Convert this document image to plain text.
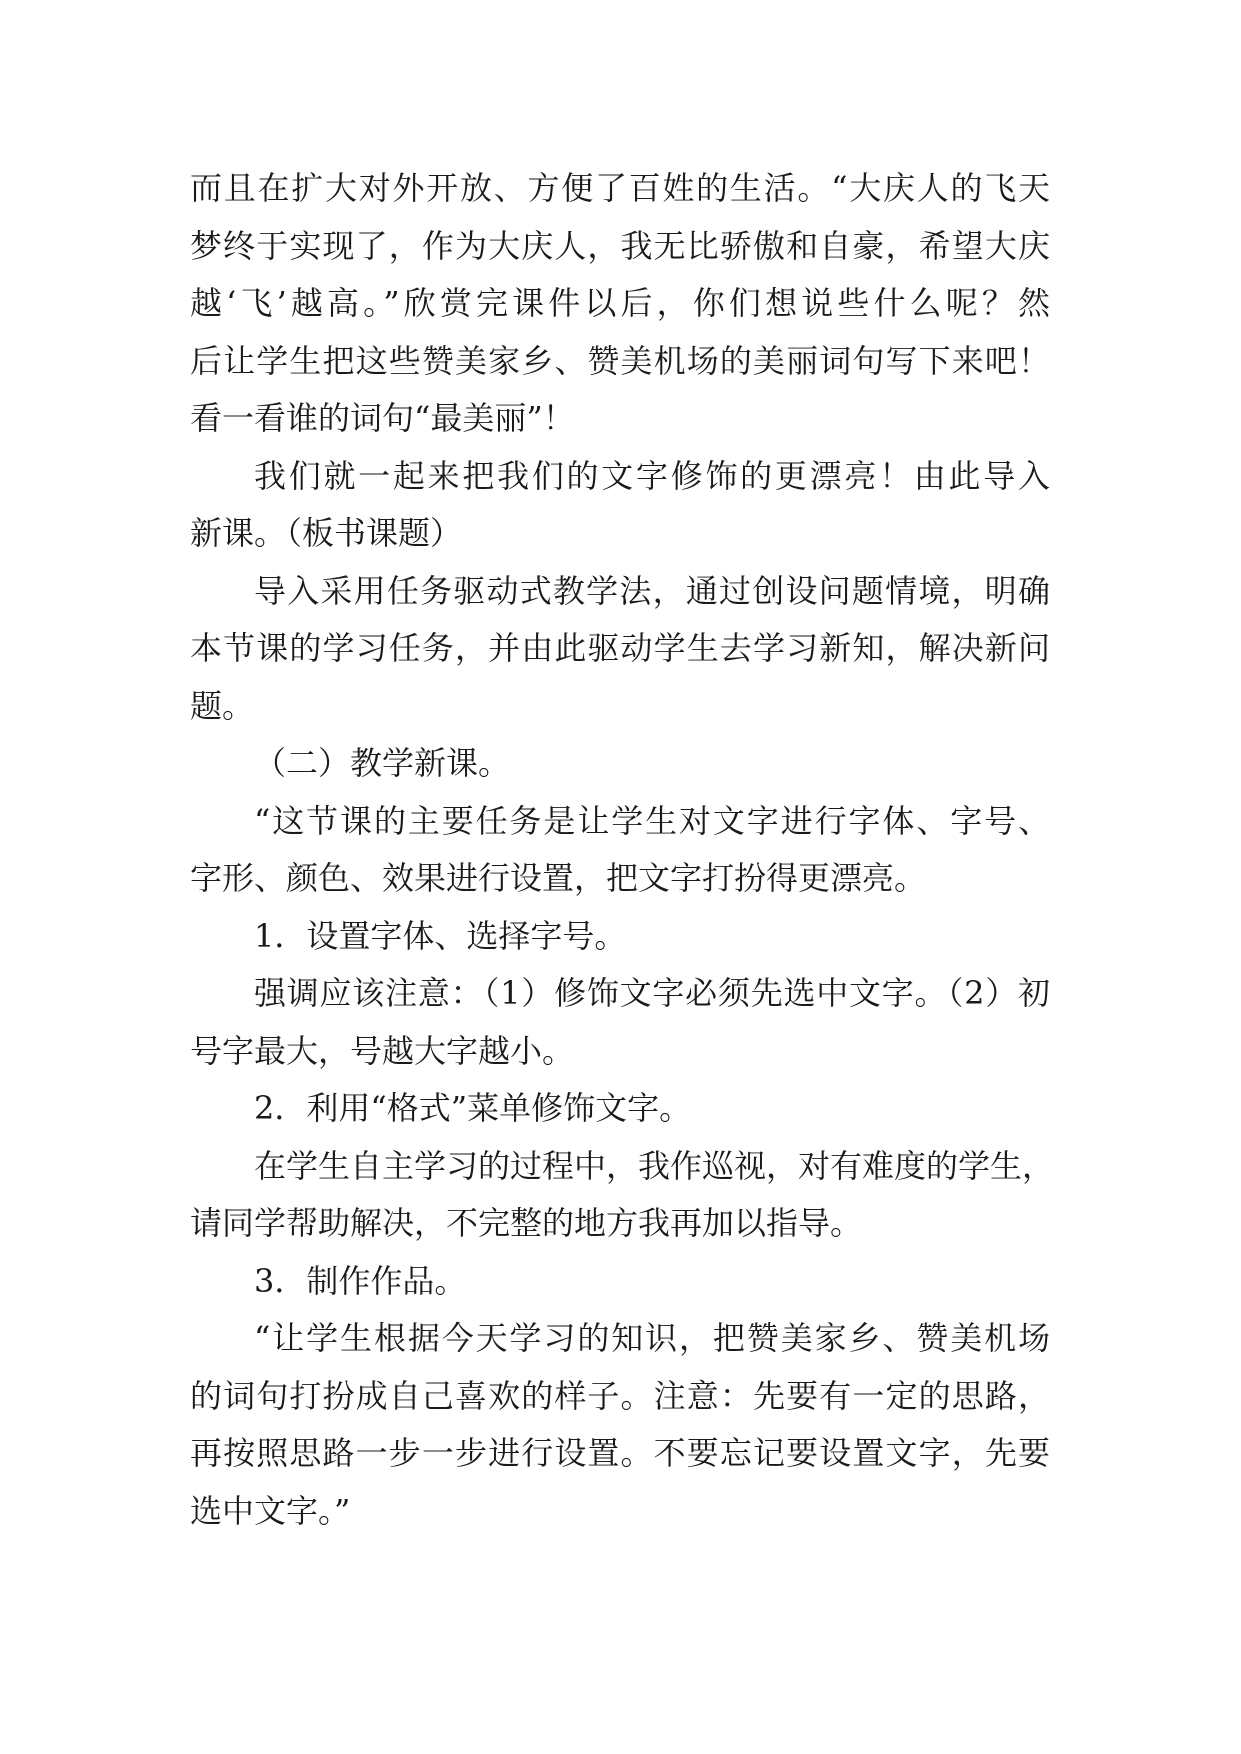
而且在扩大对外开放、方便了百姓的生活。“大庆人的飞天
梦终于实现了，作为大庆人，我无比骄傲和自豪，希望大庆
越‘飞’越高。”欣赏完课件以后，你们想说些什么呢？然
后让学生把这些赞美家乡、赞美机场的美丽词句写下来吧！
看一看谁的词句“最美丽”！
我们就一起来把我们的文字修饰的更漂亮！由此导入
新课。（板书课题）
导入采用任务驱动式教学法，通过创设问题情境，明确
本节课的学习任务，并由此驱动学生去学习新知，解决新问
题。
（二）教学新课。
“这节课的主要任务是让学生对文字进行字体、字号、
字形、颜色、效果进行设置，把文字打扮得更漂亮。
1．设置字体、选择字号。
强调应该注意：（1）修饰文字必须先选中文字。（2）初
号字最大，号越大字越小。
2．利用“格式”菜单修饰文字。
在学生自主学习的过程中，我作巡视，对有难度的学生，
请同学帮助解决，不完整的地方我再加以指导。
3．制作作品。
“让学生根据今天学习的知识，把赞美家乡、赞美机场
的词句打扮成自己喜欢的样子。注意：先要有一定的思路，
再按照思路一步一步进行设置。不要忘记要设置文字，先要
选中文字。”
